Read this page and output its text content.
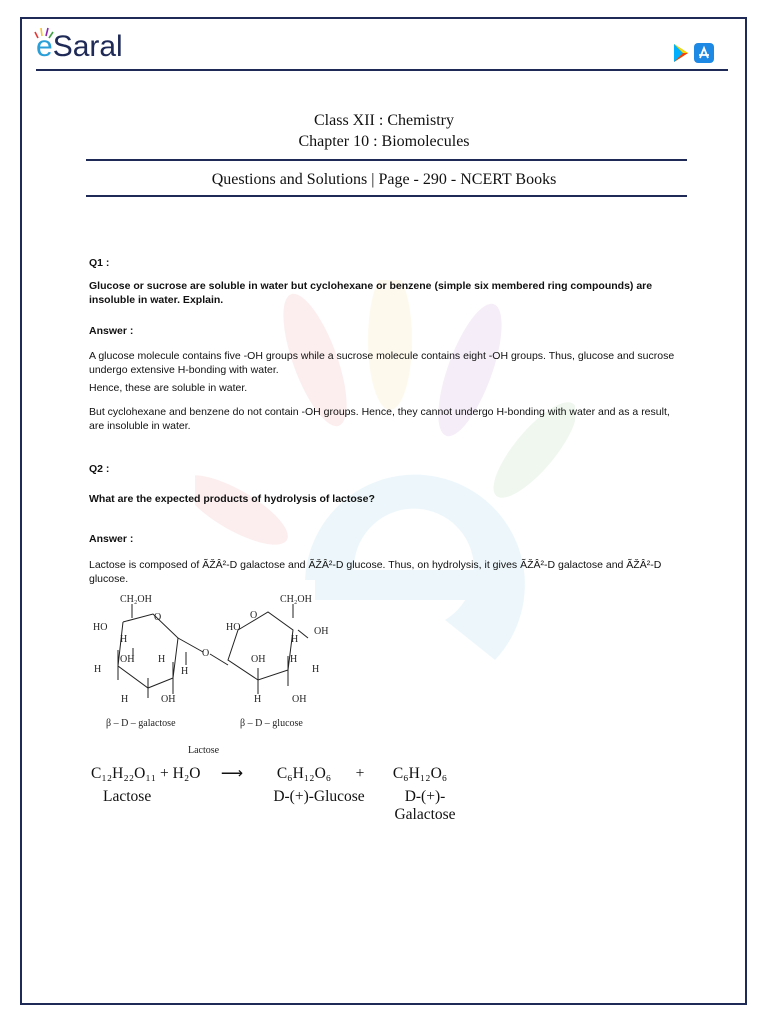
e Saral
Class XII : Chemistry
Chapter 10 : Biomolecules
Questions and Solutions | Page - 290 - NCERT Books
Q1 :
Glucose or sucrose are soluble in water but cyclohexane or benzene (simple six membered ring compounds) are insoluble in water. Explain.
Answer :
A glucose molecule contains five -OH groups while a sucrose molecule contains eight -OH groups. Thus, glucose and sucrose undergo extensive H-bonding with water.
Hence, these are soluble in water.
But cyclohexane and benzene do not contain -OH groups. Hence, they cannot undergo H-bonding with water and as a result, are insoluble in water.
Q2 :
What are the expected products of hydrolysis of lactose?
Answer :
Lactose is composed of ÃŽÂ²-D galactose and ÃŽÂ²-D glucose. Thus, on hydrolysis, it gives ÃŽÂ²-D galactose and ÃŽÂ²-D glucose.
CH₂OH	CH₂OH
HO
H
OH H
H
H
OH
O
O
H
HO
O
H
OH
OH H
H
H	OH
β – D – galactose	β – D – glucose
Lactose
C₁₂H₂₂O₁₁ + H₂O	⟶	C₆H₁₂O₆	+	C₆H₁₂O₆
Lactose	D-(+)-Glucose	D-(+)-Galactose
